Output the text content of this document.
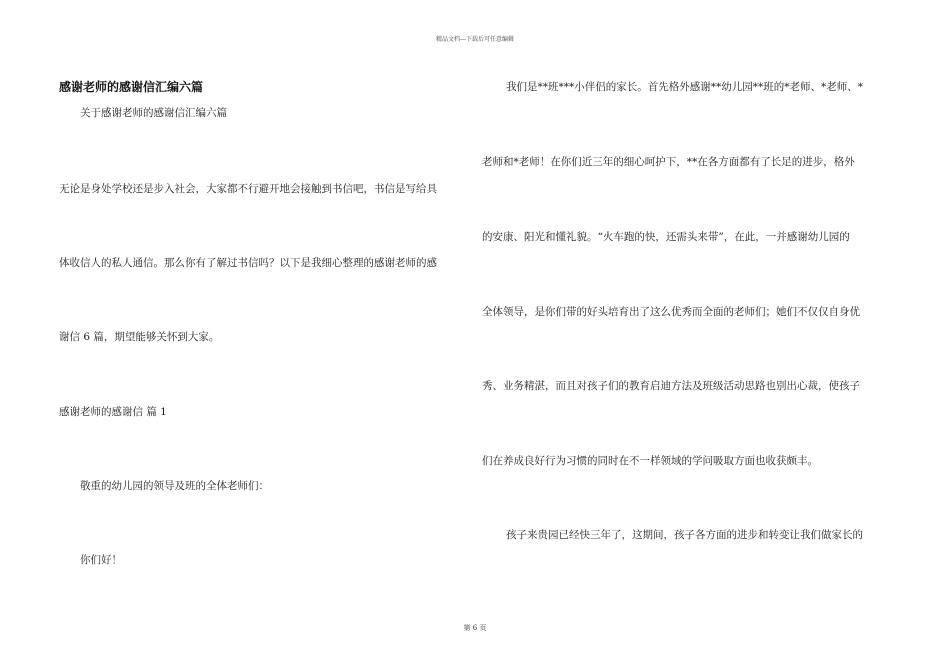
精品文档---下载后可任意编辑
感谢老师的感谢信汇编六篇
关于感谢老师的感谢信汇编六篇
无论是身处学校还是步入社会，大家都不行避开地会接触到书信吧，书信是写给具
体收信人的私人通信。那么你有了解过书信吗？以下是我细心整理的感谢老师的感
谢信 6 篇，期望能够关怀到大家。
感谢老师的感谢信 篇 1
敬重的幼儿园的领导及班的全体老师们：
你们好！
我们是**班***小伴侣的家长。首先格外感谢**幼儿园**班的*老师、*老师、*
老师和*老师！在你们近三年的细心呵护下，**在各方面都有了长足的进步，格外
的安康、阳光和懂礼貌。“火车跑的快，还需头来带”，在此，一并感谢幼儿园的
全体领导，是你们带的好头培育出了这么优秀而全面的老师们；她们不仅仅自身优
秀、业务精湛，而且对孩子们的教育启迪方法及班级活动思路也别出心裁，使孩子
们在养成良好行为习惯的同时在不一样领域的学问吸取方面也收获颇丰。
孩子来贵园已经快三年了，这期间，孩子各方面的进步和转变让我们做家长的
第 6 页
